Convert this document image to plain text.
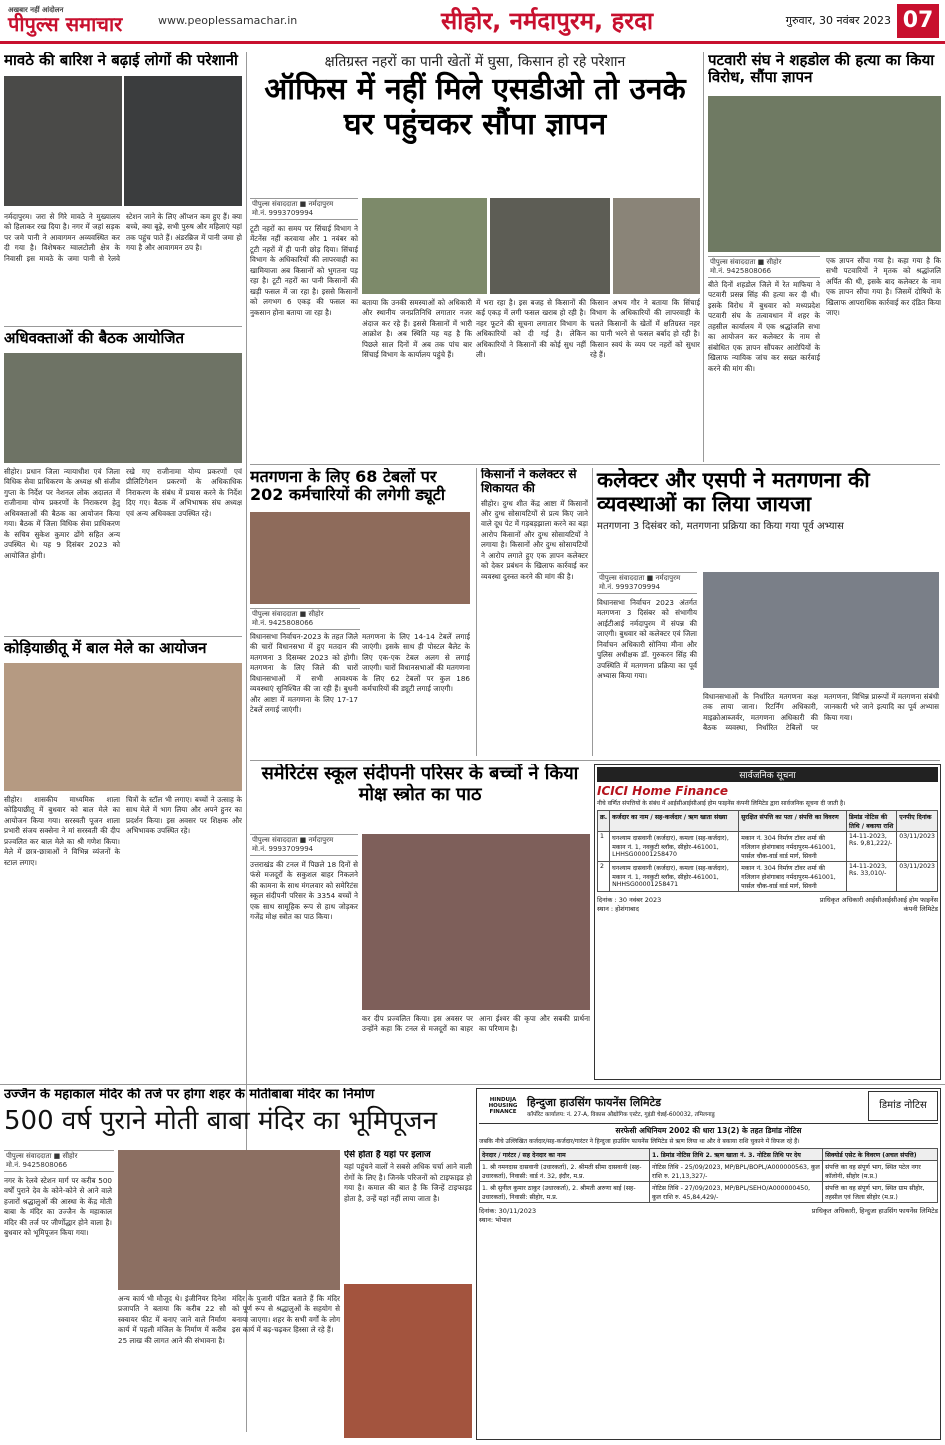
अखबार नहीं आंदोलन
पीपुल्स समाचार	www.peoplessamachar.in	सीहोर, नर्मदापुरम, हरदा	गुरुवार, 30 नवंबर 2023 07
मावठे की बारिश ने बढ़ाई लोगों की परेशानी
नर्मदापुरम। जरा से गिरे मावठे ने मुख्यालय को हिलाकर रख दिया है। नगर में जहां सड़क पर जमे पानी ने आवागमन अव्यवस्थित कर दी गया है। विशेषकर ग्वालटोली क्षेत्र के निवासी इस मावठे के जमा पानी से रेलवे स्टेशन जाने के लिए ऑप्शन कम हुए हैं। क्या बच्चे, क्या बूढ़े, सभी पुरुष और महिलाएं यहां तक पहुंच पाते हैं। अंडरब्रिज में पानी जमा हो गया है और आवागमन ठप है।
अधिवक्ताओं की बैठक आयोजित
सीहोर। प्रधान जिला न्यायाधीश एवं जिला विधिक सेवा प्राधिकरण के अध्यक्ष श्री संजीव गुप्ता के निर्देश पर नेशनल लोक अदालत में राजीनामा योग्य प्रकरणों के निराकरण हेतु अधिवक्ताओं की बैठक का आयोजन किया गया। बैठक में जिला विधिक सेवा प्राधिकरण के सचिव सुकेश कुमार ढोंगे सहित अन्य उपस्थित थे। यह 9 दिसंबर 2023 को आयोजित होगी।
रखे गए राजीनामा योग्य प्रकरणों एवं प्रीलिटिगेशन प्रकरणों के अधिकाधिक निराकरण के संबंध में प्रयास करने के निर्देश दिए गए। बैठक में अभिभाषक संघ अध्यक्ष एवं अन्य अधिवक्ता उपस्थित रहे।
कोड़ियाछीतू में बाल मेले का आयोजन
सीहोर। शासकीय माध्यमिक शाला कोड़ियाछीतू में बुधवार को बाल मेले का आयोजन किया गया। सरस्वती पूजन शाला प्रभारी संजय सक्सेना ने मां सरस्वती की दीप प्रज्वलित कर बाल मेले का श्री गणेश किया। मेले में छात्र-छात्राओं ने विभिन्न व्यंजनों के स्टाल लगाए।
चित्रों के स्टॉल भी लगाए। बच्चों ने उत्साह के साथ मेले में भाग लिया और अपने हुनर का प्रदर्शन किया। इस अवसर पर शिक्षक और अभिभावक उपस्थित रहे।
क्षतिग्रस्त नहरों का पानी खेतों में घुसा, किसान हो रहे परेशान
ऑफिस में नहीं मिले एसडीओ तो उनके घर पहुंचकर सौंपा ज्ञापन
पीपुल्स संवाददाता ■ नर्मदापुरम
मो.नं. 9993709994
टूटी नहरों का समय पर सिंचाई विभाग ने मेंटनेंस नहीं करवाया और 1 नवंबर को टूटी नहरों में ही पानी छोड़ दिया। सिंचाई विभाग के अधिकारियों की लापरवाही का खामियाजा अब किसानों को भुगतना पड़ रहा है। टूटी नहरों का पानी किसानों की खड़ी फसल में जा रहा है। इससे किसानों को लगभग 6 एकड़ की फसल का नुकसान होना बताया जा रहा है।
बताया कि उनकी समस्याओं को अधिकारी और स्थानीय जनप्रतिनिधि लगातार नजर अंदाज कर रहे हैं। इससे किसानों में भारी आक्रोश है। अब स्थिति यह यह है कि पिछले साल दिनों में अब तक पांच बार सिंचाई विभाग के कार्यालय पहुंचे हैं।
में भरा रहा है। इस बजह से किसानों की कई एकड़ में लगी फसल खराब हो रही है। नहर फूटने की सूचना लगातार विभाग के अधिकारियों को दी गई है। लेकिन अधिकारियों ने किसानों की कोई सुध नहीं ली।
किसान अभय गौर ने बताया कि सिंचाई विभाग के अधिकारियों की लापरवाही के चलते किसानों के खेतों में क्षतिग्रस्त नहर का पानी भरने से फसल बर्बाद हो रही है। किसान स्वयं के व्यय पर नहरों को सुधार रहे हैं।
पटवारी संघ ने शहडोल की हत्या का किया विरोध, सौंपा ज्ञापन
पीपुल्स संवाददाता ■ सीहोर
मो.नं. 9425808066
बीते दिनों शहडोल जिले में रेत माफिया ने पटवारी प्रसन्न सिंह की हत्या कर दी थी। इसके विरोध में बुधवार को मध्यप्रदेश पटवारी संघ के तत्वावधान में शहर के तहसील कार्यालय में एक श्रद्धांजलि सभा का आयोजन कर कलेक्टर के नाम से संबोधित एक ज्ञापन सौंपकर आरोपियों के खिलाफ न्यायिक जांच कर सख्त कार्रवाई करने की मांग की।
एक ज्ञापन सौंपा गया है। कहा गया है कि सभी पटवारियों ने मृतक को श्रद्धांजलि अर्पित की थी, इसके बाद कलेक्टर के नाम एक ज्ञापन सौंपा गया है। जिसमें दोषियों के खिलाफ आपराधिक कार्रवाई कर दंडित किया जाए।
मतगणना के लिए 68 टेबलों पर 202 कर्मचारियों की लगेगी ड्यूटी
पीपुल्स संवाददाता ■ सीहोर
मो.नं. 9425808066
विधानसभा निर्वाचन-2023 के तहत जिले की चारों विधानसभा में हुए मतदान की मतगणना 3 दिसम्बर 2023 को होगी। मतगणना के लिए जिले की चारों विधानसभाओं में सभी आवश्यक व्यवस्थाएं सुनिश्चित की जा रही हैं। बुधनी और आष्टा में मतगणना के लिए 17-17 टेबलें लगाई जाएंगी।
मतगणना के लिए 14-14 टेबलें लगाई जाएंगी। इसके साथ ही पोस्टल बैलेट के लिए एक-एक टेबल अलग से लगाई जाएगी। चारों विधानसभाओं की मतगणना के लिए 62 टेबलों पर कुल 186 कर्मचारियों की ड्यूटी लगाई जाएगी।
किसानों ने कलेक्टर से शिकायत की
सीहोर। दुग्ध शीत केंद्र आष्टा में किसानों और दुग्ध सोसायटियों से प्रत्य किए जाने वाले दूध पेट में गड़बड़झाला करने का बड़ा आरोप किसानों और दुग्ध सोसायटियों ने लगाया है। किसानों और दुग्ध सोसायटियों ने आरोप लगाते हुए एक ज्ञापन कलेक्टर को देकर प्रबंधन के खिलाफ कार्रवाई कर व्यवस्था दुरुस्त करने की मांग की है।
कलेक्टर और एसपी ने मतगणना की व्यवस्थाओं का लिया जायजा
मतगणना 3 दिसंबर को, मतगणना प्रक्रिया का किया गया पूर्व अभ्यास
पीपुल्स संवाददाता ■ नर्मदापुरम
मो.नं. 9993709994
विधानसभा निर्वाचन 2023 अंतर्गत मतगणना 3 दिसंबर को संभागीय आईटीआई नर्मदापुरम में संपन्न की जाएगी। बुधवार को कलेक्टर एवं जिला निर्वाचन अधिकारी सोनिया मीना और पुलिस अधीक्षक डॉ. गुरुकरन सिंह की उपस्थिति में मतगणना प्रक्रिया का पूर्व अभ्यास किया गया।
विधानसभाओं के निर्धारित मतगणना कक्ष तक लाया जाना। रिटर्निंग अधिकारी, माइक्रोआब्जर्वर, मतगणना अधिकारी की बैठक व्यवस्था, निर्धारित टेबिलों पर मतगणना, विभिन्न प्रारूपों में मतगणना संबंधी जानकारी भरे जाने इत्यादि का पूर्व अभ्यास किया गया।
समेरिटंस स्कूल संदीपनी परिसर के बच्चों ने किया मोक्ष स्त्रोत का पाठ
पीपुल्स संवाददाता ■ नर्मदापुरम
मो.नं. 9993709994
उत्तराखंड की टनल में पिछले 18 दिनों से फंसे मजदूरों के सकुशल बाहर निकलने की कामना के साथ मंगलवार को समेरिटंस स्कूल संदीपनी परिसर के 3354 बच्चों ने एक साथ सामूहिक रूप से हाथ जोड़कर गजेंद्र मोक्ष स्त्रोत का पाठ किया।
कर दीप प्रज्वलित किया। इस अवसर पर उन्होंने कहा कि टनल से मजदूरों का बाहर आना ईश्वर की कृपा और सबकी प्रार्थना का परिणाम है।
सार्वजनिक सूचना
ICICI Home Finance
नीचे वर्णित संपत्तियों के संबंध में आईसीआईसीआई होम फाइनेंस कंपनी लिमिटेड द्वारा सार्वजनिक सूचना दी जाती है।
क्र.	कर्जदार का नाम / सह-कर्जदार / ऋण खाता संख्या	सुरक्षित संपत्ति का पता / संपत्ति का विवरण	डिमांड नोटिस की तिथि / बकाया राशि	एनपीए दिनांक
1	घनश्याम दासवानी (कर्जदार), कमला (सह-कर्जदार), मकान नं. 1, नवकुटी ब्लॉक, सीहोर-461001, LHHSG00001258470	मकान नं. 304 निर्माण टॉवर शर्मा की गलिलान होशंगाबाद नर्मदापुरम-461001, पार्सल चौक-वार्ड वार्ड मार्ग, सिवनी	14-11-2023, Rs. 9,81,222/-	03/11/2023
2	घनश्याम दासवानी (कर्जदार), कमला (सह-कर्जदार), मकान नं. 1, नवकुटी ब्लॉक, सीहोर-461001, NHHSG00001258471	मकान नं. 304 निर्माण टॉवर शर्मा की गलिलान होशंगाबाद नर्मदापुरम-461001, पार्सल चौक-वार्ड वार्ड मार्ग, सिवनी	14-11-2023, Rs. 33,010/-	03/11/2023
दिनांक : 30 नवंबर 2023
स्थान : होशंगाबाद
प्राधिकृत अधिकारी आईसीआईसीआई होम फाइनेंस कंपनी लिमिटेड
उज्जैन के महाकाल मंदिर की तर्ज पर होगा शहर के मोतीबाबा मंदिर का निर्माण
500 वर्ष पुराने मोती बाबा मंदिर का भूमिपूजन
पीपुल्स संवाददाता ■ सीहोर
मो.नं. 9425808066
नगर के रेलवे स्टेशन मार्ग पर करीब 500 वर्षों पुराने देव के कोने-कोने से आने वाले हजारों श्रद्धालुओं की आस्था के केंद्र मोती बाबा के मंदिर का उज्जैन के महाकाल मंदिर की तर्ज पर जीर्णोद्धार होने वाला है। बुधवार को भूमिपूजन किया गया।
अन्य कार्य भी मौजूद थे। इंजीनियर दिनेश प्रजापति ने बताया कि करीब 22 सौ स्क्वायर फीट में बनाए जाने वाले निर्माण कार्य में पहली मंजिल के निर्माण में करीब 25 लाख की लागत आने की संभावना है।
मंदिर के पुजारी पंडित बताते हैं कि मंदिर को पूर्ण रूप से श्रद्धालुओं के सहयोग से बनाया जाएगा। शहर के सभी वर्गों के लोग इस कार्य में बढ़-चढ़कर हिस्सा ले रहे हैं।
ऐसे होता है यहां पर इलाज
यहां पहुंचने वालों ने सबसे अधिक चर्चा आने वाली रोगों के लिए है। जिनके परिजनों को टाइफाइड हो गया है। कमाल की बात है कि जिन्हें टाइफाइड होता है, उन्हें यहां नहीं लाया जाता है।
HINDUJA HOUSING FINANCE
हिन्दुजा हाउसिंग फायनेंस लिमिटेड
कॉर्पोरेट कार्यालय: नं. 27-A, विकास औद्योगिक एस्टेट, गुइंडी चेन्नई-600032, तमिलनाडु
डिमांड नोटिस
सरफेसी अधिनियम 2002 की धारा 13(2) के तहत डिमांड नोटिस
जबकि नीचे उल्लिखित कर्जदार/सह-कर्जदार/गारंटर ने हिन्दुजा हाउसिंग फायनेंस लिमिटेड से ऋण लिया था और वे बकाया राशि चुकाने में विफल रहे हैं।
देनदार / गारंटर / सह देनदार का नाम	1. डिमांड नोटिस तिथि 2. ऋण खाता नं. 3. नोटिस तिथि पर देय	सिक्योर्ड एसेट के विवरण (अचल संपत्ति)
1. श्री नमनदास दासवानी (उधारकर्ता), 2. श्रीमती सीमा दासवानी (सह-उधारकर्ता), निवासी: वार्ड नं. 32, इंदौर, म.प्र.	नोटिस तिथि - 25/09/2023, MP/BPL/BOPL/A000000563, कुल राशि रु. 21,13,327/-	संपत्ति का वह संपूर्ण भाग, स्थित पटेल नगर कॉलोनी, सीहोर (म.प्र.)
1. श्री सुनील कुमार ठाकुर (उधारकर्ता), 2. श्रीमती अरुणा बाई (सह-उधारकर्ता), निवासी: सीहोर, म.प्र.	नोटिस तिथि - 27/09/2023, MP/BPL/SEHO/A000000450, कुल राशि रु. 45,84,429/-	संपत्ति का वह संपूर्ण भाग, स्थित ग्राम सीहोर, तहसील एवं जिला सीहोर (म.प्र.)
दिनांक: 30/11/2023
स्थान: भोपाल
प्राधिकृत अधिकारी, हिन्दुजा हाउसिंग फायनेंस लिमिटेड
